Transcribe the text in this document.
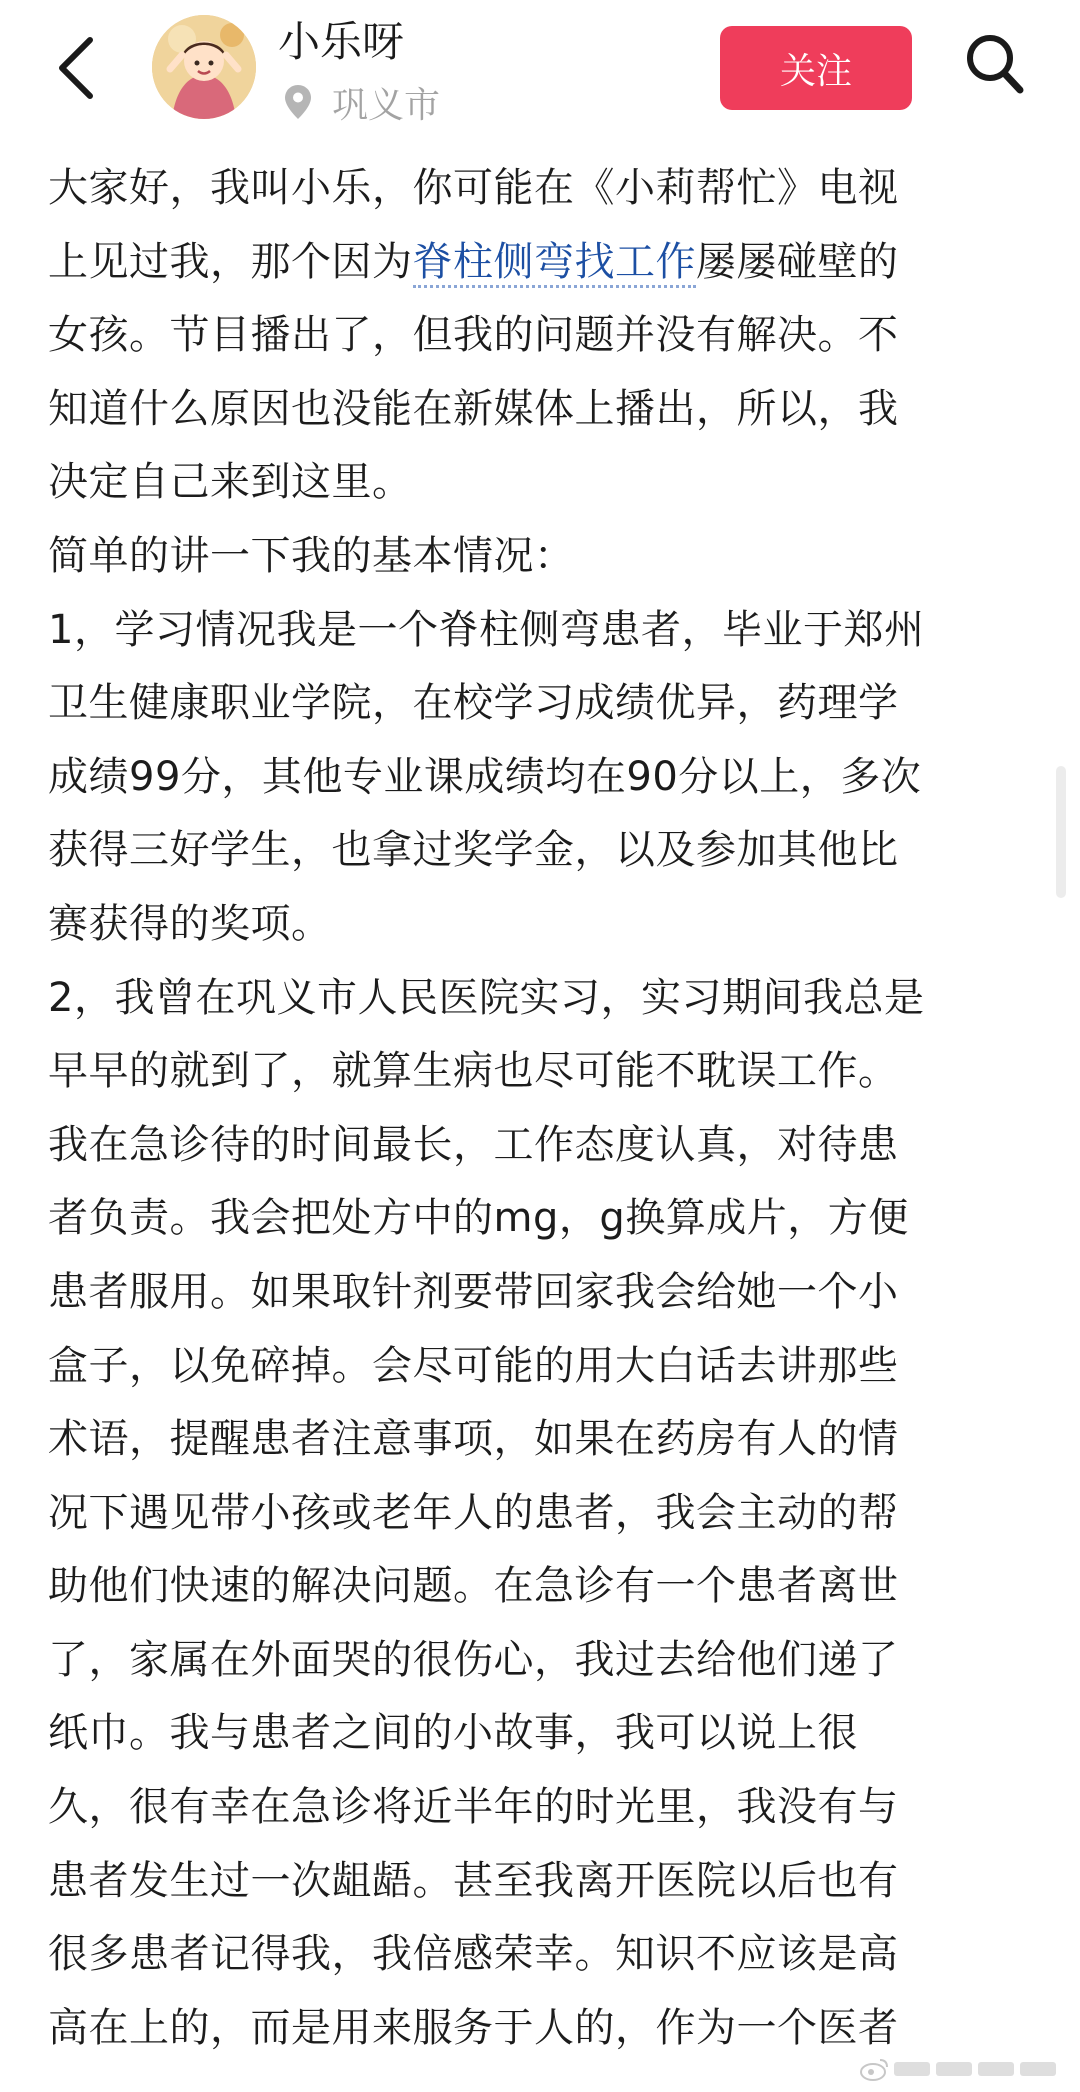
小乐呀
巩义市
关注
大家好，我叫小乐，你可能在《小莉帮忙》电视
上见过我，那个因为脊柱侧弯找工作屡屡碰壁的
女孩。节目播出了，但我的问题并没有解决。不
知道什么原因也没能在新媒体上播出，所以，我
决定自己来到这里。
简单的讲一下我的基本情况：
1，学习情况我是一个脊柱侧弯患者，毕业于郑州
卫生健康职业学院，在校学习成绩优异，药理学
成绩99分，其他专业课成绩均在90分以上，多次
获得三好学生，也拿过奖学金，以及参加其他比
赛获得的奖项。
2，我曾在巩义市人民医院实习，实习期间我总是
早早的就到了，就算生病也尽可能不耽误工作。
我在急诊待的时间最长，工作态度认真，对待患
者负责。我会把处方中的mg，g换算成片，方便
患者服用。如果取针剂要带回家我会给她一个小
盒子，以免碎掉。会尽可能的用大白话去讲那些
术语，提醒患者注意事项，如果在药房有人的情
况下遇见带小孩或老年人的患者，我会主动的帮
助他们快速的解决问题。在急诊有一个患者离世
了，家属在外面哭的很伤心，我过去给他们递了
纸巾。我与患者之间的小故事，我可以说上很
久，很有幸在急诊将近半年的时光里，我没有与
患者发生过一次龃龉。甚至我离开医院以后也有
很多患者记得我，我倍感荣幸。知识不应该是高
高在上的，而是用来服务于人的，作为一个医者
